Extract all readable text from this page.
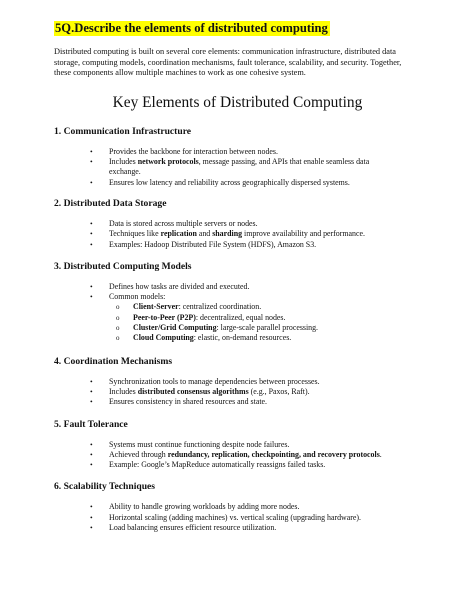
5Q.Describe the elements of distributed computing

Distributed computing is built on several core elements: communication infrastructure, distributed data storage, computing models, coordination mechanisms, fault tolerance, scalability, and security. Together, these components allow multiple machines to work as one cohesive system.

Key Elements of Distributed Computing
1. Communication Infrastructure
• Provides the backbone for interaction between nodes.
• Includes network protocols, message passing, and APIs that enable seamless data exchange.
• Ensures low latency and reliability across geographically dispersed systems.
2. Distributed Data Storage
• Data is stored across multiple servers or nodes.
• Techniques like replication and sharding improve availability and performance.
• Examples: Hadoop Distributed File System (HDFS), Amazon S3.
3. Distributed Computing Models
• Defines how tasks are divided and executed.
• Common models:
o Client-Server: centralized coordination.
o Peer-to-Peer (P2P): decentralized, equal nodes.
o Cluster/Grid Computing: large-scale parallel processing.
o Cloud Computing: elastic, on-demand resources.
4. Coordination Mechanisms
• Synchronization tools to manage dependencies between processes.
• Includes distributed consensus algorithms (e.g., Paxos, Raft).
• Ensures consistency in shared resources and state.
5. Fault Tolerance
• Systems must continue functioning despite node failures.
• Achieved through redundancy, replication, checkpointing, and recovery protocols.
• Example: Google’s MapReduce automatically reassigns failed tasks.
6. Scalability Techniques
• Ability to handle growing workloads by adding more nodes.
• Horizontal scaling (adding machines) vs. vertical scaling (upgrading hardware).
• Load balancing ensures efficient resource utilization.
